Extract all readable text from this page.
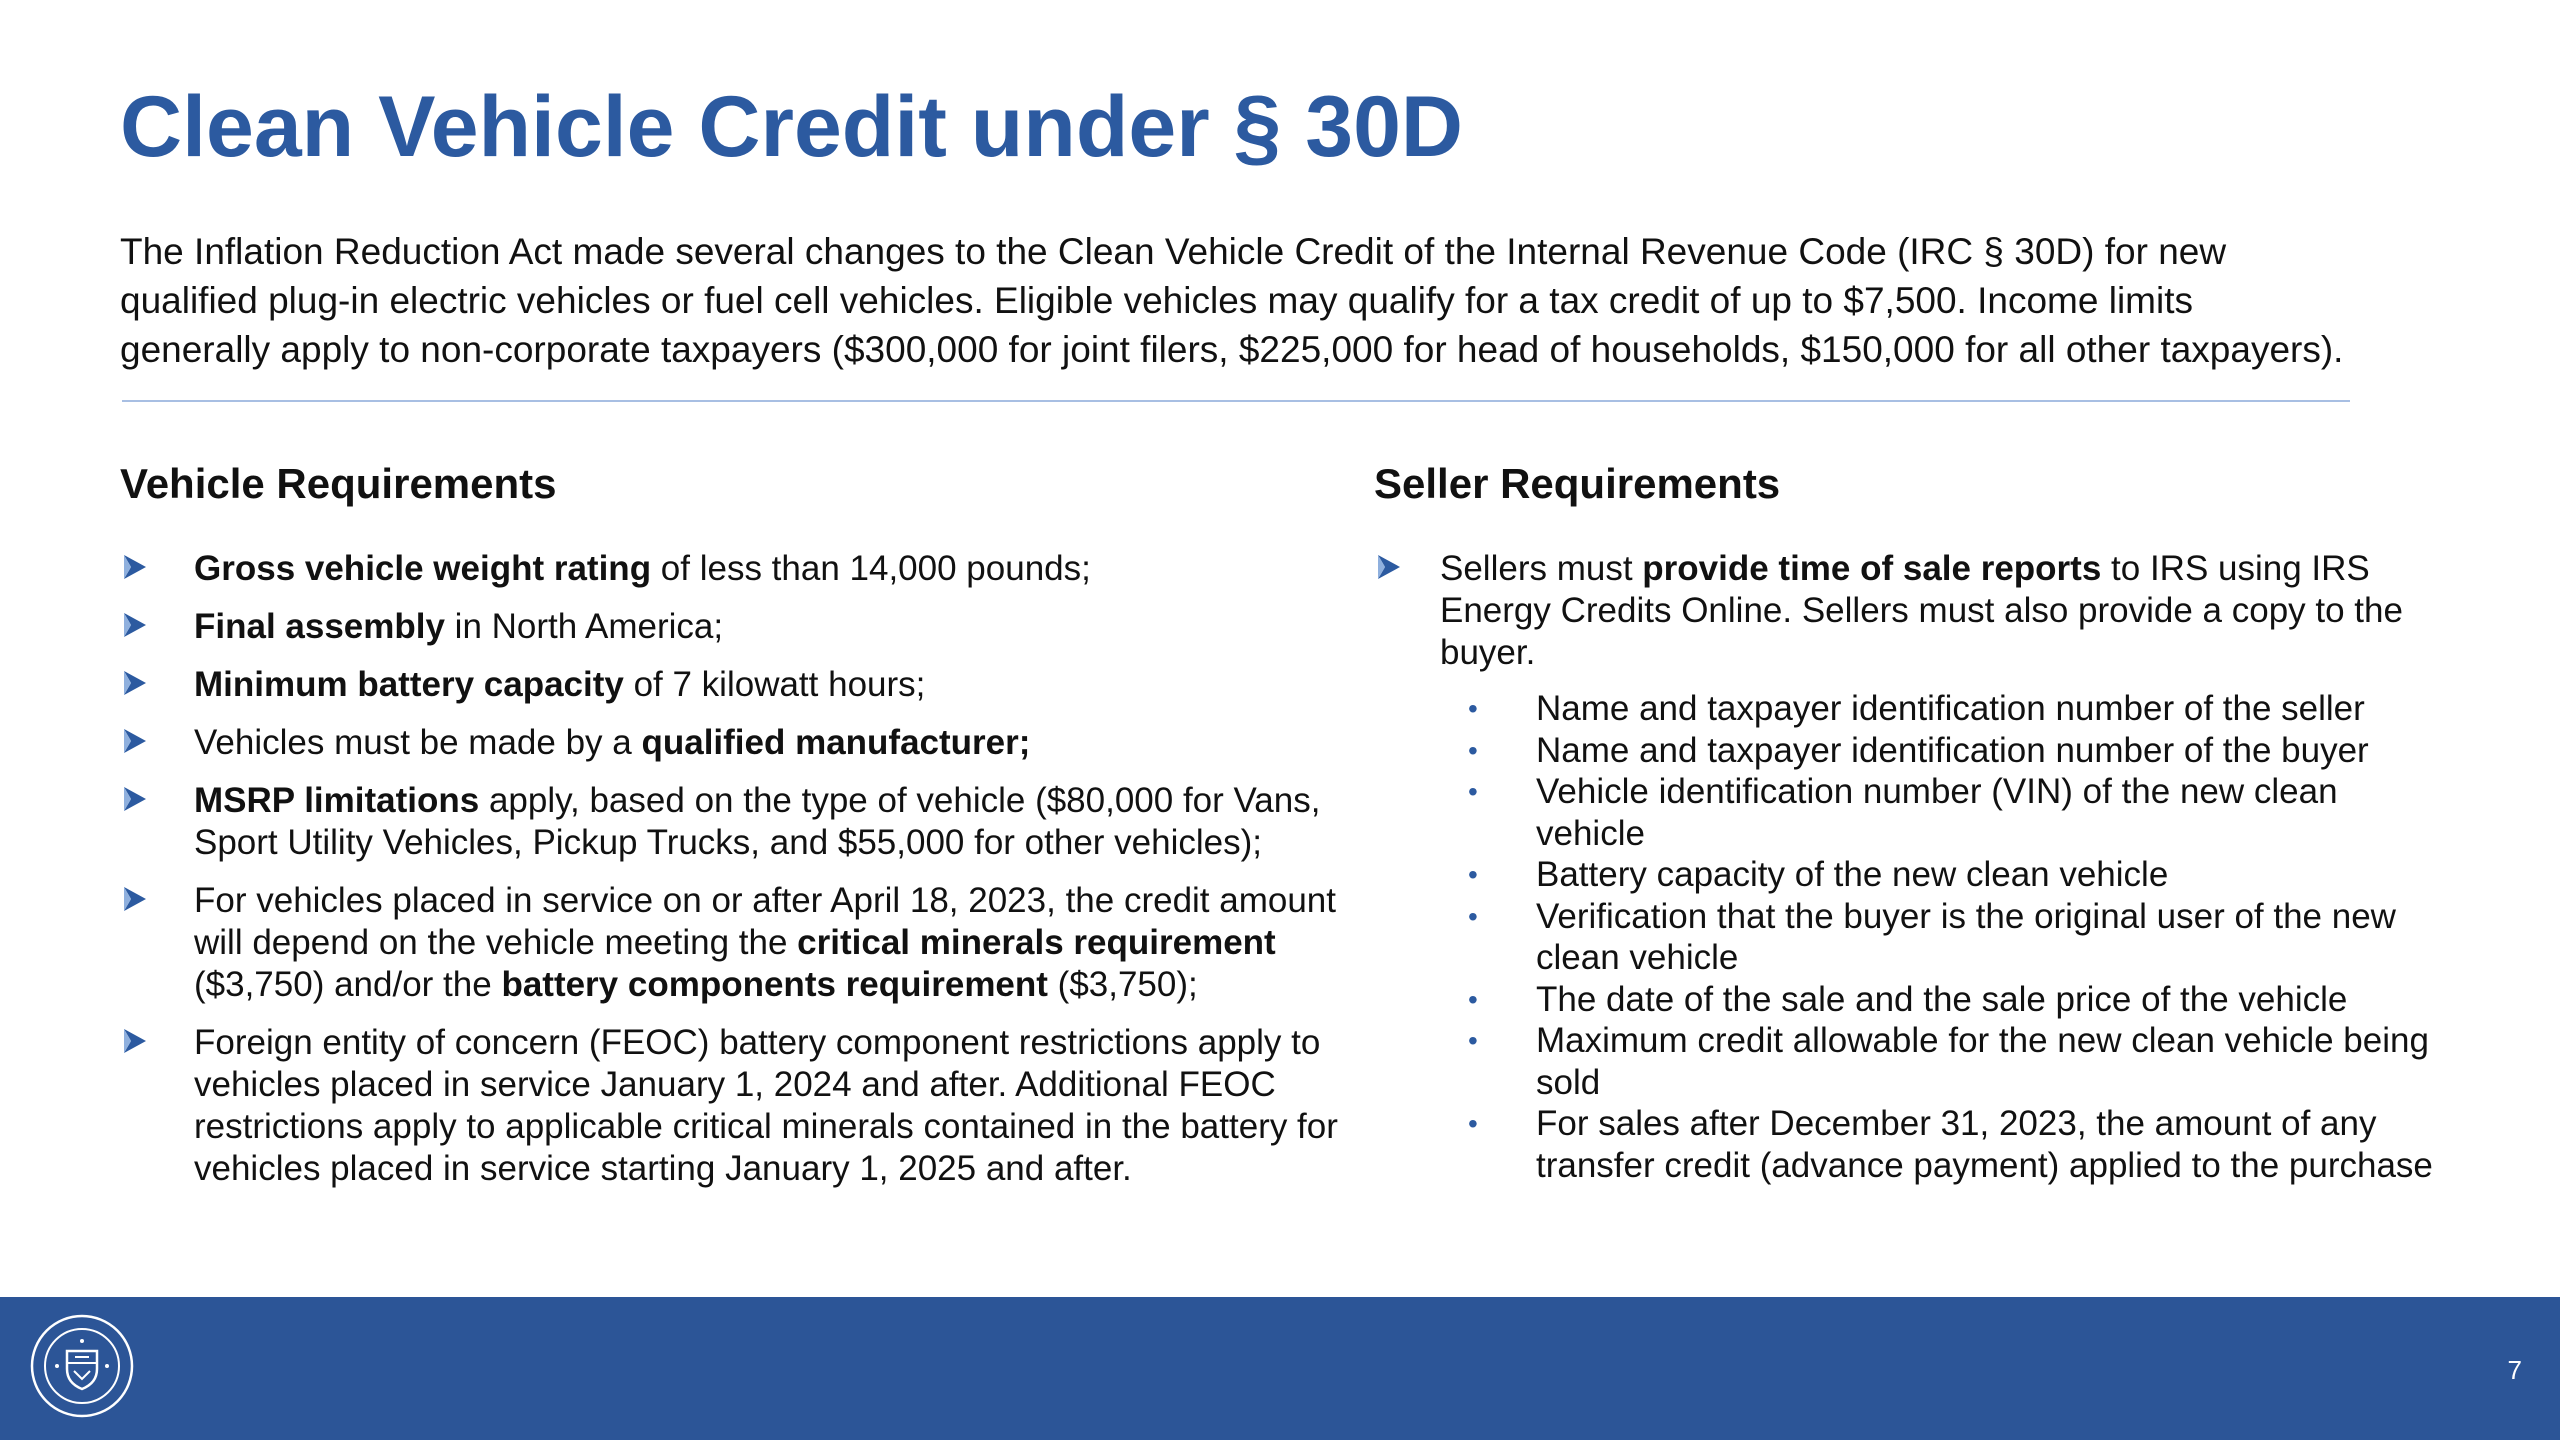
Clean Vehicle Credit under § 30D

The Inflation Reduction Act made several changes to the Clean Vehicle Credit of the Internal Revenue Code (IRC § 30D) for new
qualified plug-in electric vehicles or fuel cell vehicles. Eligible vehicles may qualify for a tax credit of up to $7,500. Income limits
generally apply to non-corporate taxpayers ($300,000 for joint filers, $225,000 for head of households, $150,000 for all other taxpayers).

Vehicle Requirements
Gross vehicle weight rating of less than 14,000 pounds;
Final assembly in North America;
Minimum battery capacity of 7 kilowatt hours;
Vehicles must be made by a qualified manufacturer;
MSRP limitations apply, based on the type of vehicle ($80,000 for Vans, Sport Utility Vehicles, Pickup Trucks, and $55,000 for other vehicles);
For vehicles placed in service on or after April 18, 2023, the credit amount will depend on the vehicle meeting the critical minerals requirement ($3,750) and/or the battery components requirement ($3,750);
Foreign entity of concern (FEOC) battery component restrictions apply to vehicles placed in service January 1, 2024 and after. Additional FEOC restrictions apply to applicable critical minerals contained in the battery for vehicles placed in service starting January 1, 2025 and after.
Seller Requirements
Sellers must provide time of sale reports to IRS using IRS Energy Credits Online. Sellers must also provide a copy to the buyer.
• Name and taxpayer identification number of the seller
• Name and taxpayer identification number of the buyer
• Vehicle identification number (VIN) of the new clean vehicle
• Battery capacity of the new clean vehicle
• Verification that the buyer is the original user of the new clean vehicle
• The date of the sale and the sale price of the vehicle
• Maximum credit allowable for the new clean vehicle being sold
• For sales after December 31, 2023, the amount of any transfer credit (advance payment) applied to the purchase
7
